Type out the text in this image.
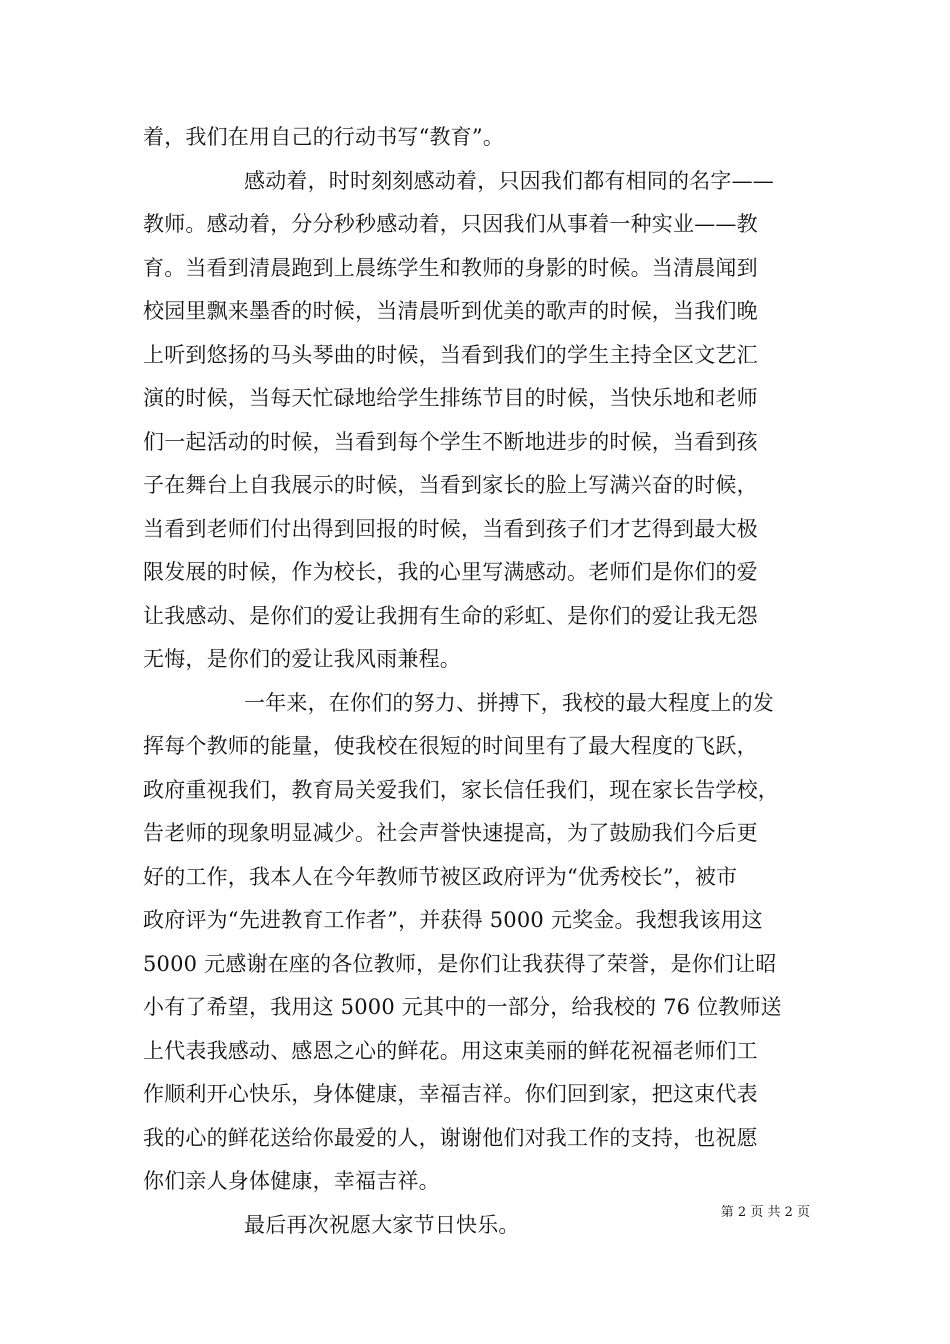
着，我们在用自己的行动书写“教育”。
感动着，时时刻刻感动着，只因我们都有相同的名字——
教师。感动着，分分秒秒感动着，只因我们从事着一种实业——教
育。当看到清晨跑到上晨练学生和教师的身影的时候。当清晨闻到
校园里飘来墨香的时候，当清晨听到优美的歌声的时候，当我们晚
上听到悠扬的马头琴曲的时候，当看到我们的学生主持全区文艺汇
演的时候，当每天忙碌地给学生排练节目的时候，当快乐地和老师
们一起活动的时候，当看到每个学生不断地进步的时候，当看到孩
子在舞台上自我展示的时候，当看到家长的脸上写满兴奋的时候，
当看到老师们付出得到回报的时候，当看到孩子们才艺得到最大极
限发展的时候，作为校长，我的心里写满感动。老师们是你们的爱
让我感动、是你们的爱让我拥有生命的彩虹、是你们的爱让我无怨
无悔，是你们的爱让我风雨兼程。
一年来，在你们的努力、拼搏下，我校的最大程度上的发
挥每个教师的能量，使我校在很短的时间里有了最大程度的飞跃，
政府重视我们，教育局关爱我们，家长信任我们，现在家长告学校，
告老师的现象明显减少。社会声誉快速提高，为了鼓励我们今后更
好的工作，我本人在今年教师节被区政府评为“优秀校长”，被市
政府评为“先进教育工作者”，并获得 5000 元奖金。我想我该用这
5000 元感谢在座的各位教师，是你们让我获得了荣誉，是你们让昭
小有了希望，我用这 5000 元其中的一部分，给我校的 76 位教师送
上代表我感动、感恩之心的鲜花。用这束美丽的鲜花祝福老师们工
作顺利开心快乐，身体健康，幸福吉祥。你们回到家，把这束代表
我的心的鲜花送给你最爱的人，谢谢他们对我工作的支持，也祝愿
你们亲人身体健康，幸福吉祥。
最后再次祝愿大家节日快乐。	第 2 页 共 2 页
